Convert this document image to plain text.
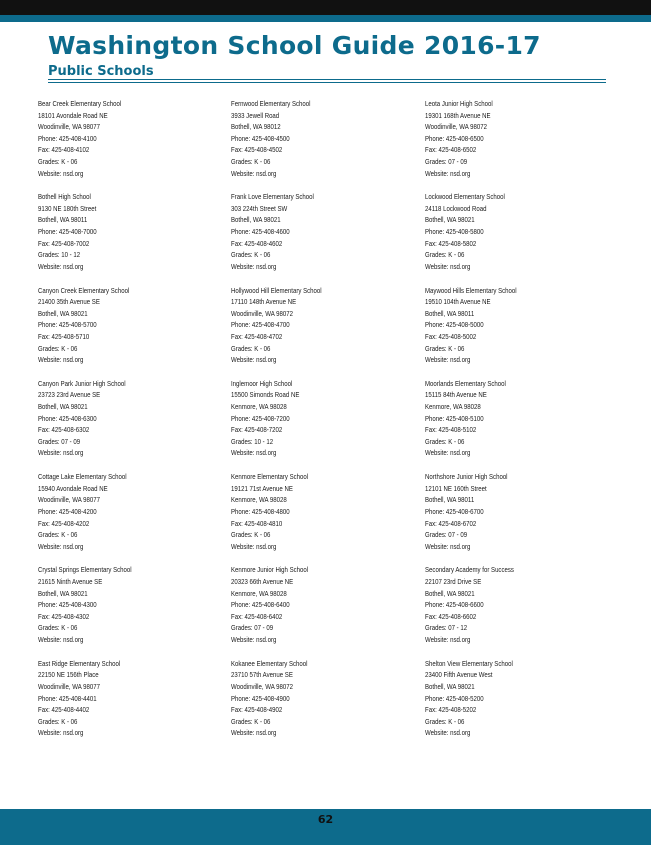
Washington School Guide 2016-17
Public Schools
Bear Creek Elementary School
18101 Avondale Road NE
Woodinville, WA 98077
Phone: 425-408-4100
Fax: 425-408-4102
Grades: K - 06
Website: nsd.org
Bothell High School
9130 NE 180th Street
Bothell, WA 98011
Phone: 425-408-7000
Fax: 425-408-7002
Grades: 10 - 12
Website: nsd.org
Canyon Creek Elementary School
21400 35th Avenue SE
Bothell, WA 98021
Phone: 425-408-5700
Fax: 425-408-5710
Grades: K - 06
Website: nsd.org
Canyon Park Junior High School
23723 23rd Avenue SE
Bothell, WA 98021
Phone: 425-408-6300
Fax: 425-408-6302
Grades: 07 - 09
Website: nsd.org
Cottage Lake Elementary School
15940 Avondale Road NE
Woodinville, WA 98077
Phone: 425-408-4200
Fax: 425-408-4202
Grades: K - 06
Website: nsd.org
Crystal Springs Elementary School
21615 Ninth Avenue SE
Bothell, WA 98021
Phone: 425-408-4300
Fax: 425-408-4302
Grades: K - 06
Website: nsd.org
East Ridge Elementary School
22150 NE 156th Place
Woodinville, WA 98077
Phone: 425-408-4401
Fax: 425-408-4402
Grades: K - 06
Website: nsd.org
Fernwood Elementary School
3933 Jewell Road
Bothell, WA 98012
Phone: 425-408-4500
Fax: 425-408-4502
Grades: K - 06
Website: nsd.org
Frank Love Elementary School
303 224th Street SW
Bothell, WA 98021
Phone: 425-408-4600
Fax: 425-408-4602
Grades: K - 06
Website: nsd.org
Hollywood Hill Elementary School
17110 148th Avenue NE
Woodinville, WA 98072
Phone: 425-408-4700
Fax: 425-408-4702
Grades: K - 06
Website: nsd.org
Inglemoor High School
15500 Simonds Road NE
Kenmore, WA 98028
Phone: 425-408-7200
Fax: 425-408-7202
Grades: 10 - 12
Website: nsd.org
Kenmore Elementary School
19121 71st Avenue NE
Kenmore, WA 98028
Phone: 425-408-4800
Fax: 425-408-4810
Grades: K - 06
Website: nsd.org
Kenmore Junior High School
20323 66th Avenue NE
Kenmore, WA 98028
Phone: 425-408-6400
Fax: 425-408-6402
Grades: 07 - 09
Website: nsd.org
Kokanee Elementary School
23710 57th Avenue SE
Woodinville, WA 98072
Phone: 425-408-4900
Fax: 425-408-4902
Grades: K - 06
Website: nsd.org
Leota Junior High School
19301 168th Avenue NE
Woodinville, WA 98072
Phone: 425-408-6500
Fax: 425-408-6502
Grades: 07 - 09
Website: nsd.org
Lockwood Elementary School
24118 Lockwood Road
Bothell, WA 98021
Phone: 425-408-5800
Fax: 425-408-5802
Grades: K - 06
Website: nsd.org
Maywood Hills Elementary School
19510 104th Avenue NE
Bothell, WA 98011
Phone: 425-408-5000
Fax: 425-408-5002
Grades: K - 06
Website: nsd.org
Moorlands Elementary School
15115 84th Avenue NE
Kenmore, WA 98028
Phone: 425-408-5100
Fax: 425-408-5102
Grades: K - 06
Website: nsd.org
Northshore Junior High School
12101 NE 160th Street
Bothell, WA 98011
Phone: 425-408-6700
Fax: 425-408-6702
Grades: 07 - 09
Website: nsd.org
Secondary Academy for Success
22107 23rd Drive SE
Bothell, WA 98021
Phone: 425-408-6600
Fax: 425-408-6602
Grades: 07 - 12
Website: nsd.org
Shelton View Elementary School
23400 Fifth Avenue West
Bothell, WA 98021
Phone: 425-408-5200
Fax: 425-408-5202
Grades: K - 06
Website: nsd.org
62
